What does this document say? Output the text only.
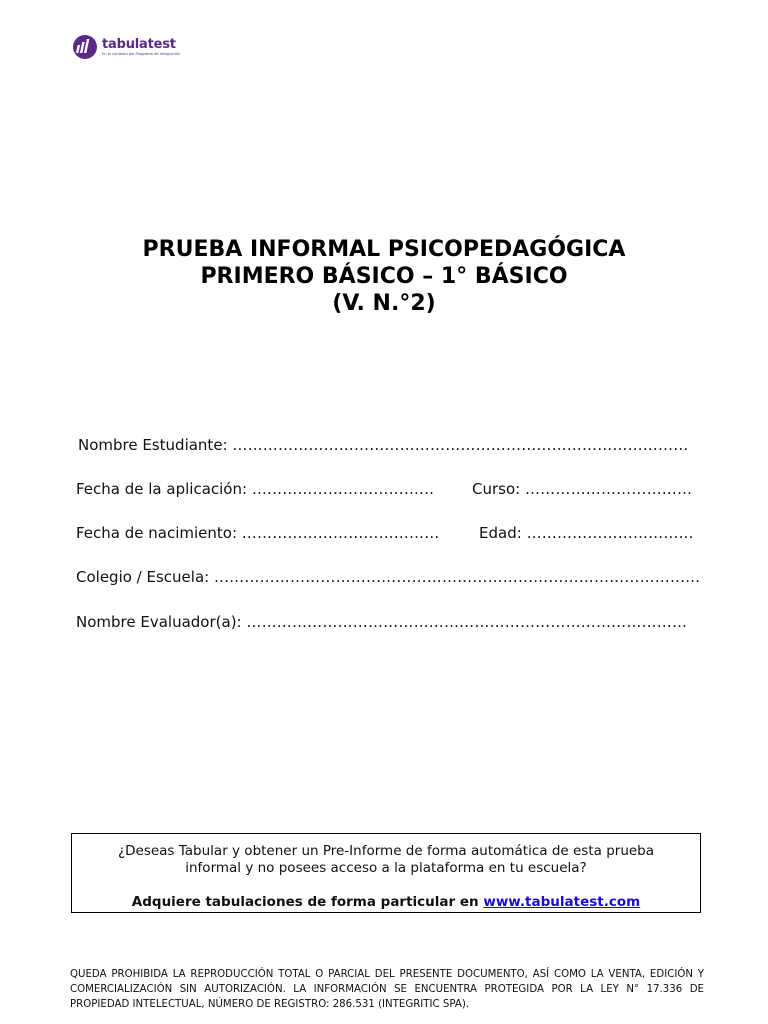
tabulatest
En el contexto del Programa de Integración
PRUEBA INFORMAL PSICOPEDAGÓGICA
PRIMERO BÁSICO – 1° BÁSICO
(V. N.°2)
Nombre Estudiante: ………………………………………………………………………………
Fecha de la aplicación: ………………………………	Curso: ……………………………
Fecha de nacimiento: …………………………………	Edad: ……………………………
Colegio / Escuela: ……………………………………………………………………………………
Nombre Evaluador(a): ……………………………………………………………………………
¿Deseas Tabular y obtener un Pre-Informe de forma automática de esta prueba
informal y no posees acceso a la plataforma en tu escuela?
Adquiere tabulaciones de forma particular en www.tabulatest.com
QUEDA PROHIBIDA LA REPRODUCCIÓN TOTAL O PARCIAL DEL PRESENTE DOCUMENTO, ASÍ COMO LA VENTA, EDICIÓN Y COMERCIALIZACIÓN SIN AUTORIZACIÓN. LA INFORMACIÓN SE ENCUENTRA PROTEGIDA POR LA LEY N° 17.336 DE PROPIEDAD INTELECTUAL, NÚMERO DE REGISTRO: 286.531 (INTEGRITIC SPA).
